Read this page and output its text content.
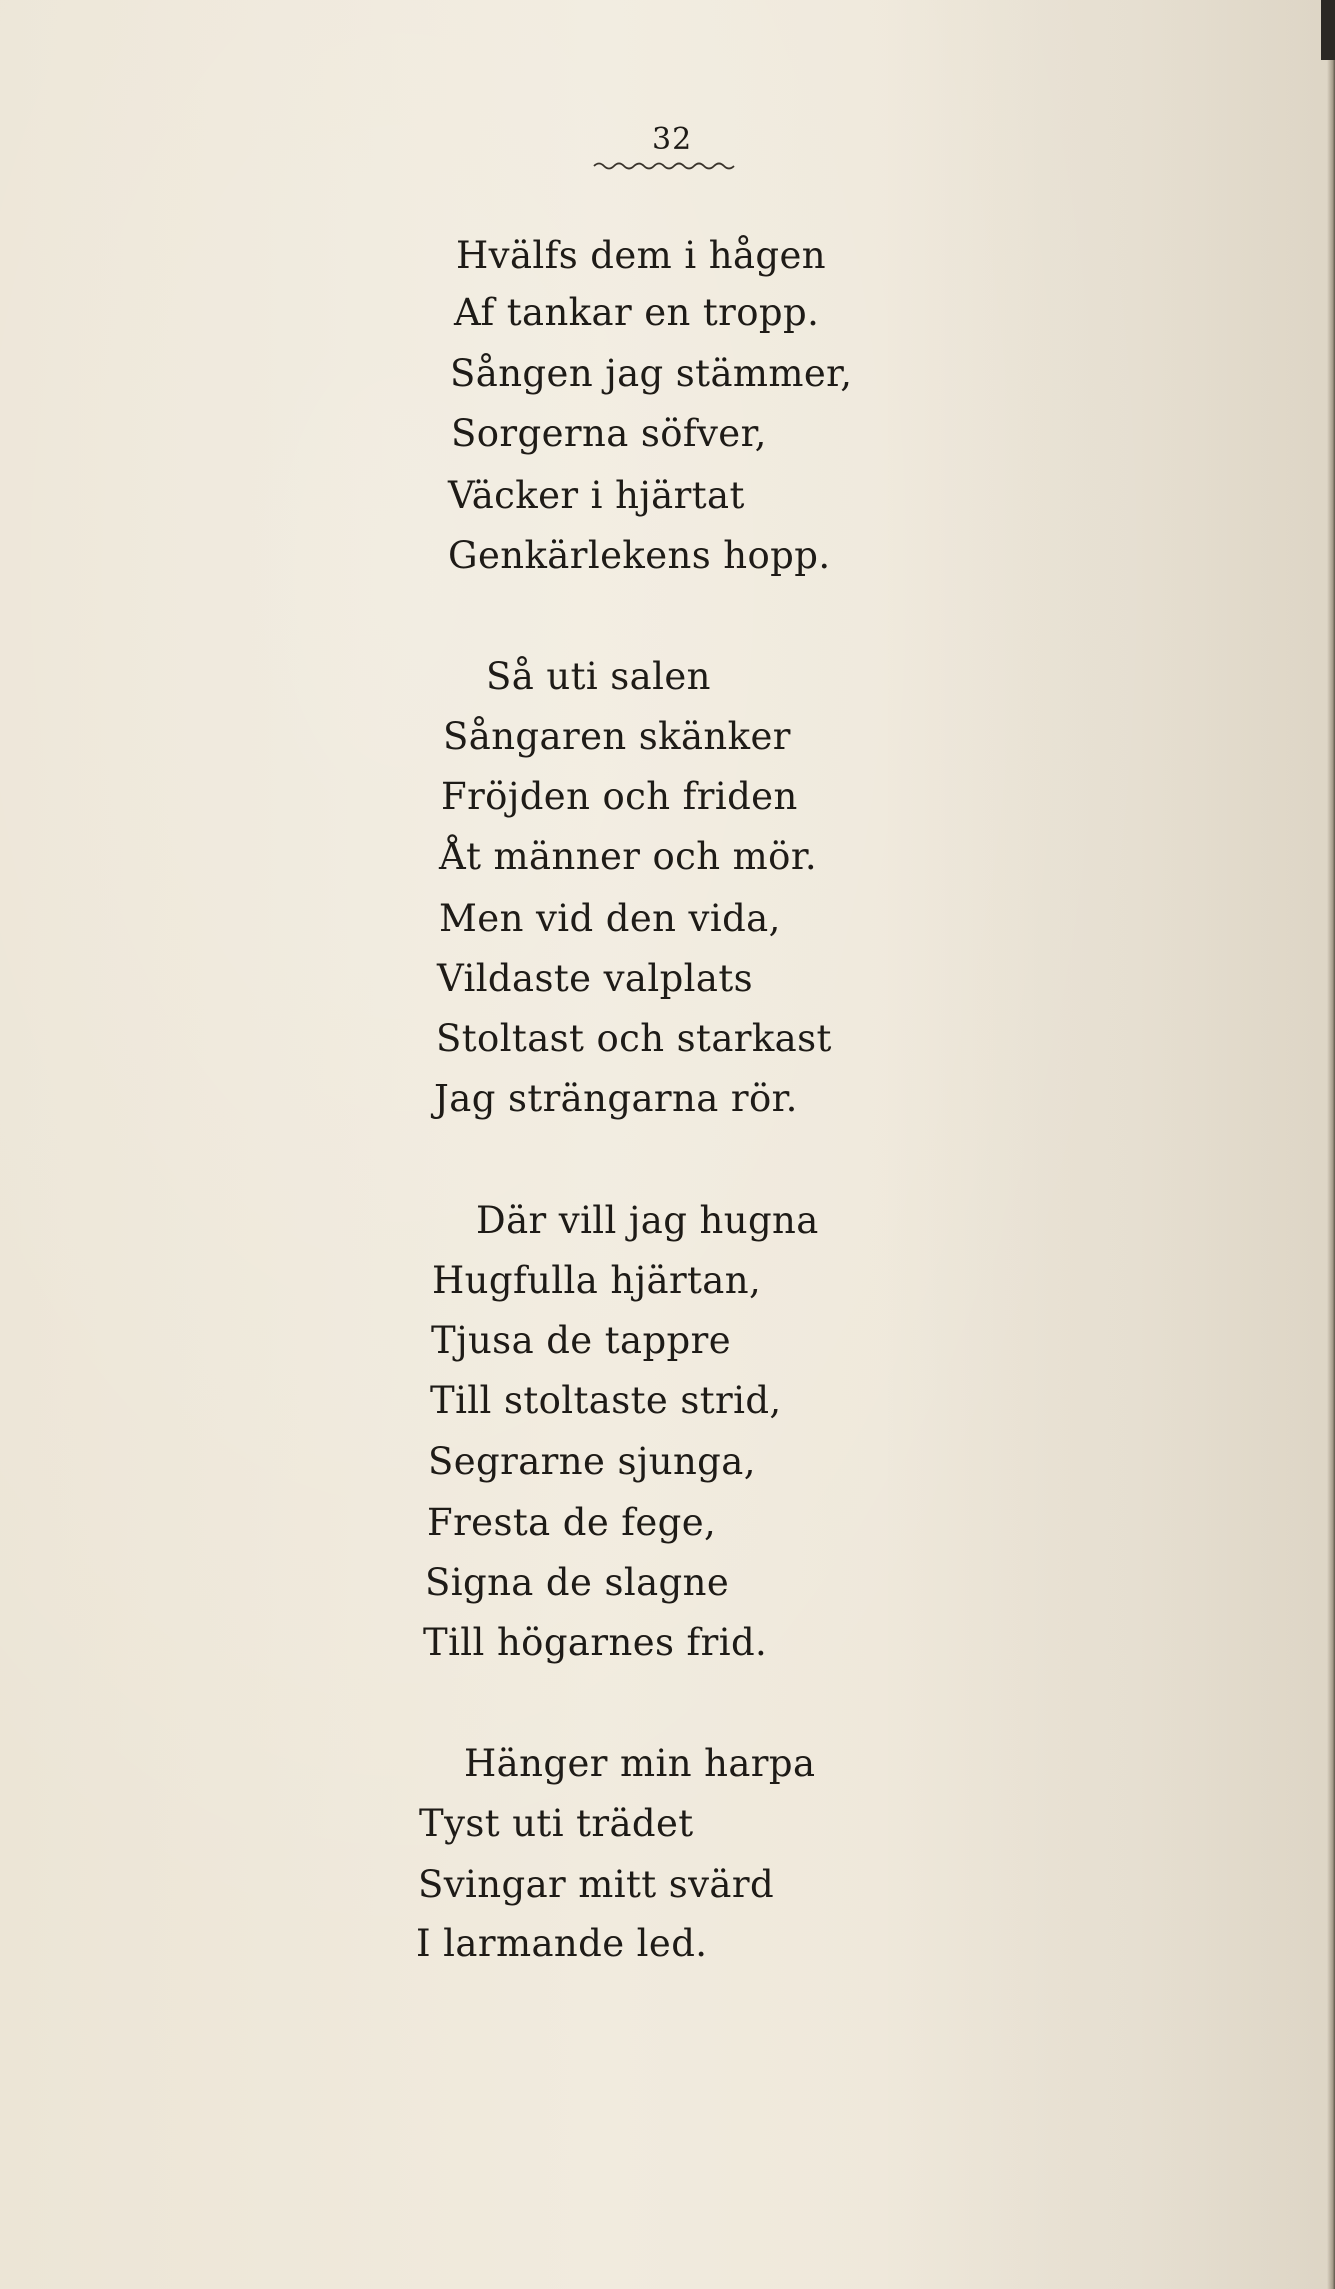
32

Hvälfs dem i hågen

Af tankar en tropp.

Sången jag stämmer,

Sorgerna söfver,

Väcker i hjärtat

Genkärlekens hopp.

Så uti salen

Sångaren skänker

Fröjden och friden

Åt männer och mör.

Men vid den vida,

Vildaste valplats

Stoltast och starkast

Jag strängarna rör.

Där vill jag hugna

Hugfulla hjärtan,

Tjusa de tappre

Till stoltaste strid,

Segrarne sjunga,

Fresta de fege,

Signa de slagne

Till högarnes frid.

Hänger min harpa

Tyst uti trädet

Svingar mitt svärd

I larmande led.
